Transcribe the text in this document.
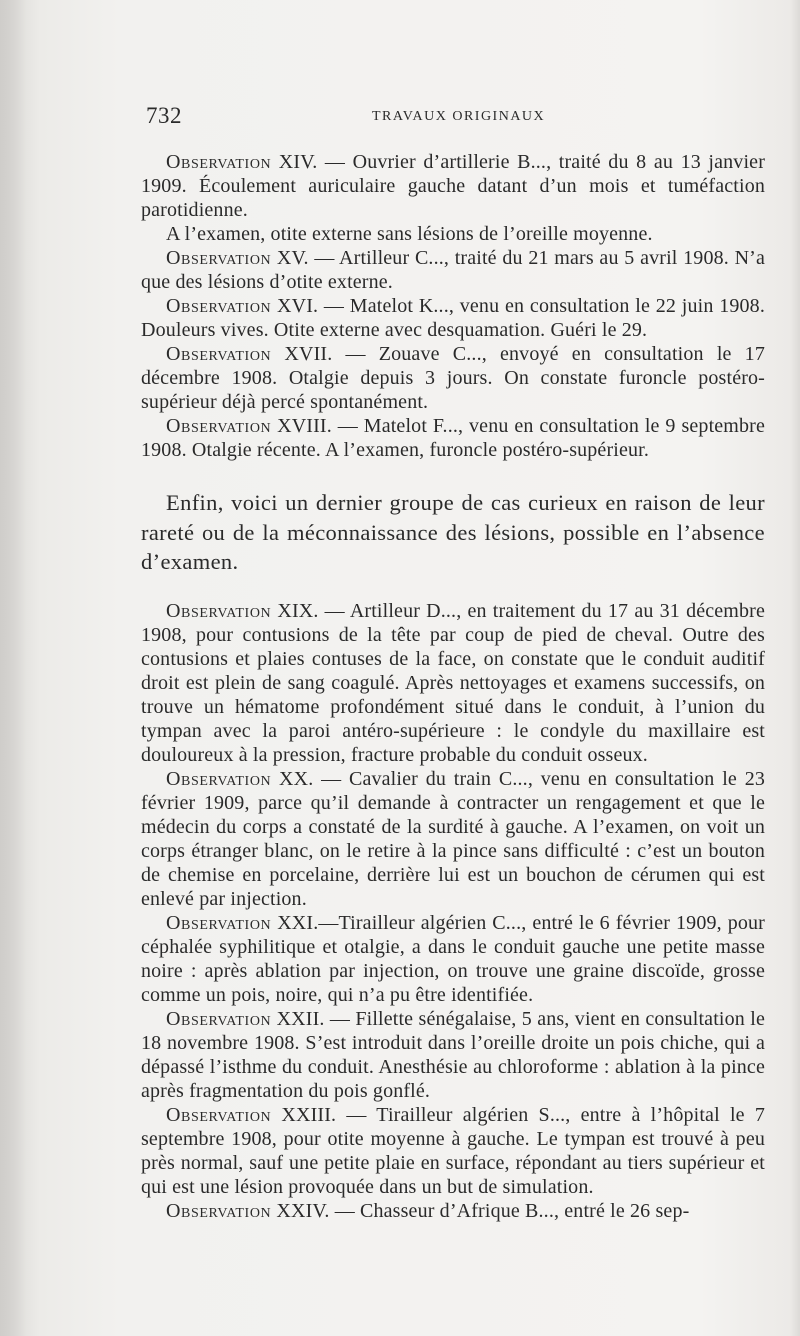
732	TRAVAUX ORIGINAUX

Observation XIV. — Ouvrier d’artillerie B..., traité du 8 au 13 janvier 1909. Écoulement auriculaire gauche datant d’un mois et tuméfaction parotidienne.

A l’examen, otite externe sans lésions de l’oreille moyenne.

Observation XV. — Artilleur C..., traité du 21 mars au 5 avril 1908. N’a que des lésions d’otite externe.

Observation XVI. — Matelot K..., venu en consultation le 22 juin 1908. Douleurs vives. Otite externe avec desquamation. Guéri le 29.

Observation XVII. — Zouave C..., envoyé en consultation le 17 décembre 1908. Otalgie depuis 3 jours. On constate furoncle postéro-supérieur déjà percé spontanément.

Observation XVIII. — Matelot F..., venu en consultation le 9 septembre 1908. Otalgie récente. A l’examen, furoncle postéro-supérieur.

Enfin, voici un dernier groupe de cas curieux en raison de leur rareté ou de la méconnaissance des lésions, possible en l’absence d’examen.

Observation XIX. — Artilleur D..., en traitement du 17 au 31 décembre 1908, pour contusions de la tête par coup de pied de cheval. Outre des contusions et plaies contuses de la face, on constate que le conduit auditif droit est plein de sang coagulé. Après nettoyages et examens successifs, on trouve un hématome profondément situé dans le conduit, à l’union du tympan avec la paroi antéro-supérieure : le condyle du maxillaire est douloureux à la pression, fracture probable du conduit osseux.

Observation XX. — Cavalier du train C..., venu en consultation le 23 février 1909, parce qu’il demande à contracter un rengagement et que le médecin du corps a constaté de la surdité à gauche. A l’examen, on voit un corps étranger blanc, on le retire à la pince sans difficulté : c’est un bouton de chemise en porcelaine, derrière lui est un bouchon de cérumen qui est enlevé par injection.

Observation XXI.—Tirailleur algérien C..., entré le 6 février 1909, pour céphalée syphilitique et otalgie, a dans le conduit gauche une petite masse noire : après ablation par injection, on trouve une graine discoïde, grosse comme un pois, noire, qui n’a pu être identifiée.

Observation XXII. — Fillette sénégalaise, 5 ans, vient en consultation le 18 novembre 1908. S’est introduit dans l’oreille droite un pois chiche, qui a dépassé l’isthme du conduit. Anesthésie au chloroforme : ablation à la pince après fragmentation du pois gonflé.

Observation XXIII. — Tirailleur algérien S..., entre à l’hôpital le 7 septembre 1908, pour otite moyenne à gauche. Le tympan est trouvé à peu près normal, sauf une petite plaie en surface, répondant au tiers supérieur et qui est une lésion provoquée dans un but de simulation.

Observation XXIV. — Chasseur d’Afrique B..., entré le 26 sep-
